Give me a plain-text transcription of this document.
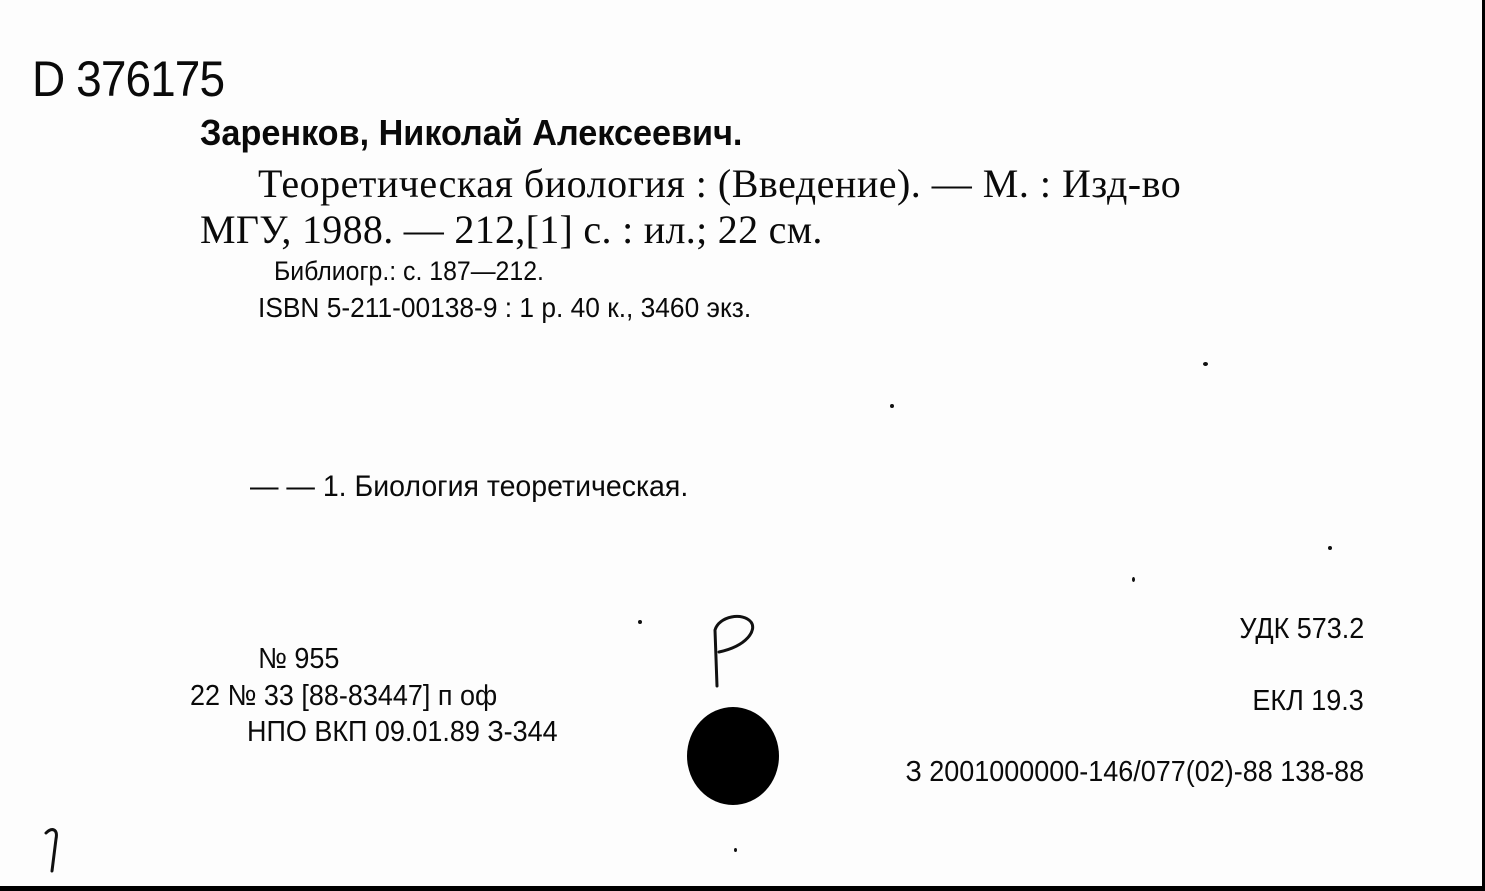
D 376175
Заренков, Николай Алексеевич.
Теоретическая биология : (Введение). — М. : Изд-во
МГУ, 1988. — 212,[1] с. : ил.; 22 см.
Библиогр.: с. 187—212.
ISBN 5-211-00138-9 : 1 р. 40 к., 3460 экз.
— — 1. Биология теоретическая.
№ 955
22 № 33 [88-83447] п оф
НПО ВКП 09.01.89 З-344
УДК 573.2
ЕКЛ 19.3
З 2001000000-146/077(02)-88 138-88
